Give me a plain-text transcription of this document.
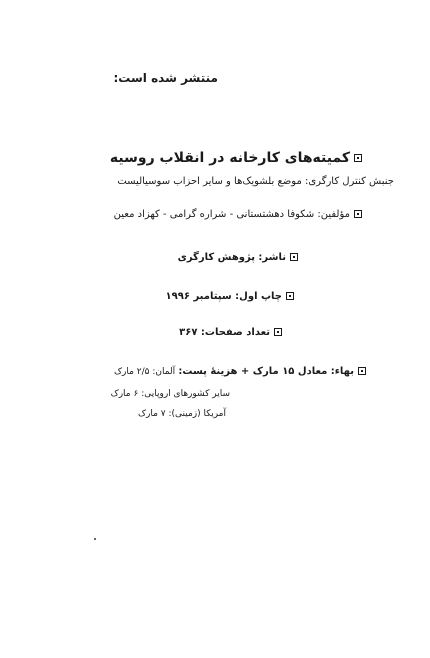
منتشر شده است:
کمیته‌های کارخانه در انقلاب روسیه
جنبش کنترل کارگری: موضع بلشویک‌ها و سایر احزاب سوسیالیست
مؤلفین: شکوفا دهشتستانی - شراره گرامی - کهزاد معین
ناشر: پژوهش کارگری
چاپ اول: سپتامبر ۱۹۹۶
تعداد صفحات: ۳۶۷
بهاء: معادل ۱۵ مارک + هزینهٔ پست: آلمان: ۲/۵ مارک
سایر کشورهای اروپایی: ۶ مارک
آمریکا (زمینی): ۷ مارک
